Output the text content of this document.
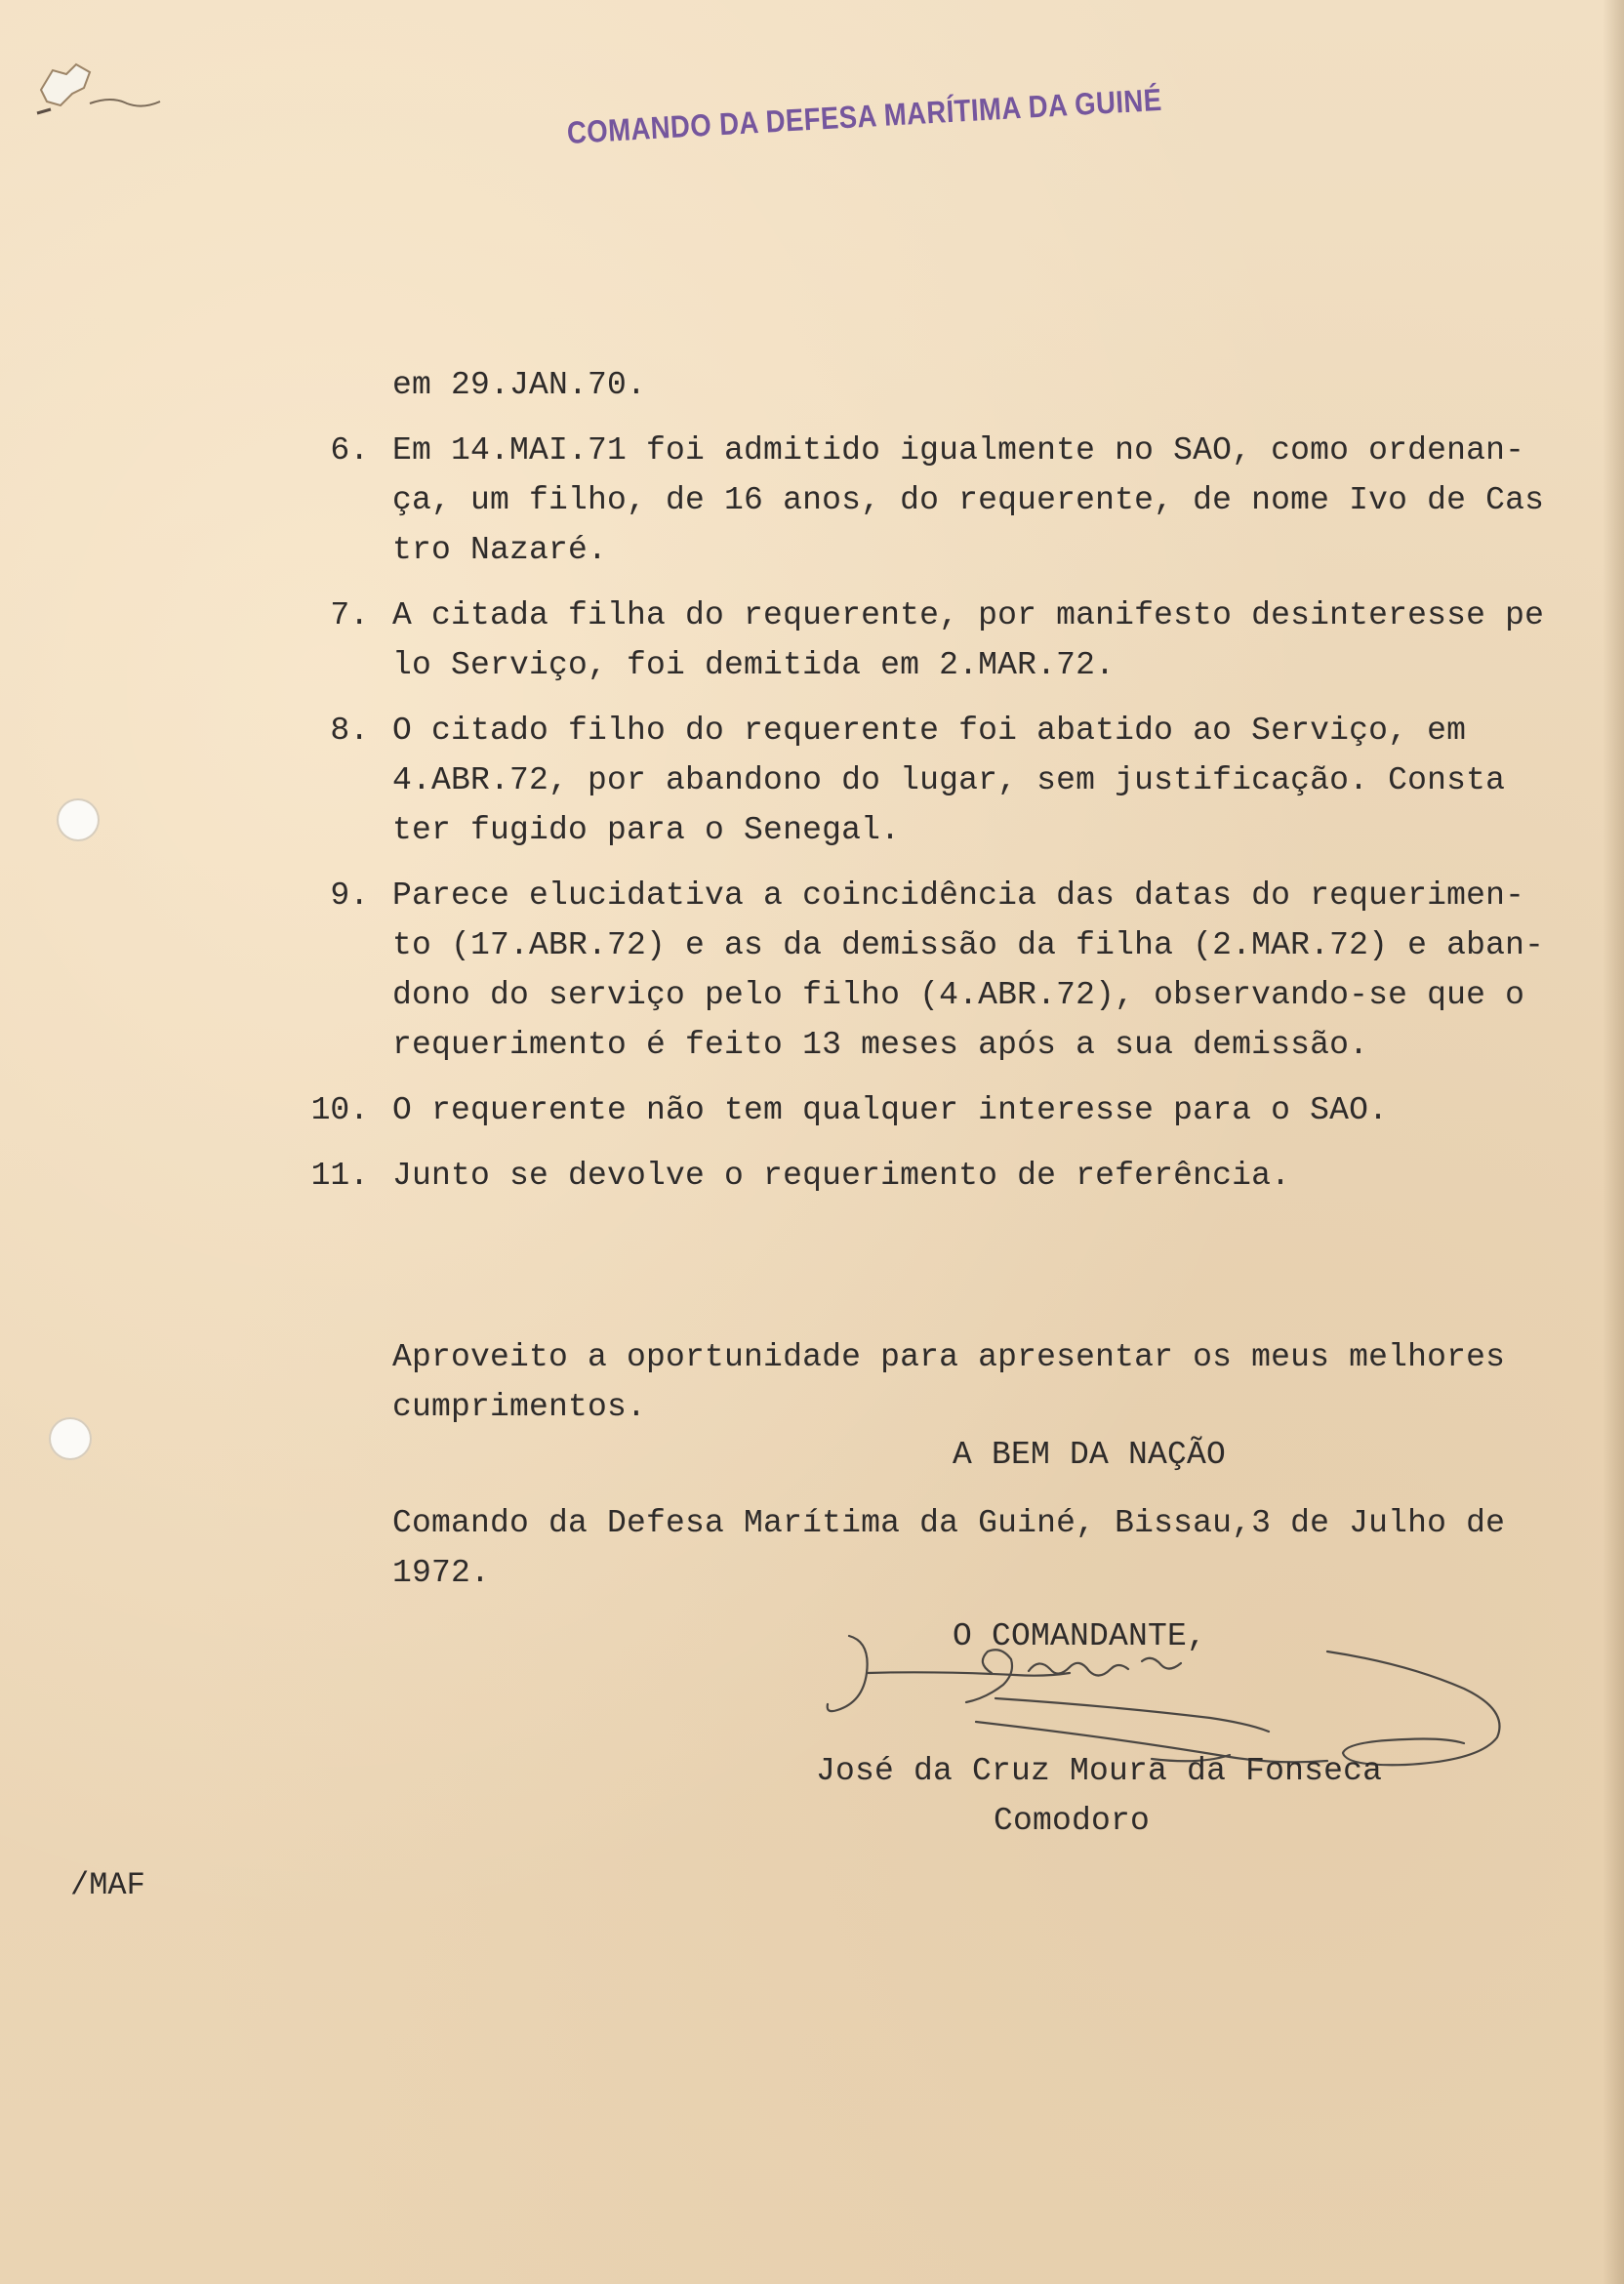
COMANDO DA DEFESA MARÍTIMA DA GUINÉ
em 29.JAN.70.
6. Em 14.MAI.71 foi admitido igualmente no SAO, como ordenan-
ça, um filho, de 16 anos, do requerente, de nome Ivo de Cas
tro Nazaré.
7. A citada filha do requerente, por manifesto desinteresse pe
lo Serviço, foi demitida em 2.MAR.72.
8. O citado filho do requerente foi abatido ao Serviço, em
4.ABR.72, por abandono do lugar, sem justificação. Consta
ter fugido para o Senegal.
9. Parece elucidativa a coincidência das datas do requerimen-
to (17.ABR.72) e as da demissão da filha (2.MAR.72) e aban-
dono do serviço pelo filho (4.ABR.72), observando-se que o
requerimento é feito 13 meses após a sua demissão.
10. O requerente não tem qualquer interesse para o SAO.
11. Junto se devolve o requerimento de referência.
Aproveito a oportunidade para apresentar os meus melhores
cumprimentos.
A BEM DA NAÇÃO
Comando da Defesa Marítima da Guiné, Bissau,3 de Julho de
1972.
O COMANDANTE,
José da Cruz Moura da Fonseca
Comodoro
/MAF
